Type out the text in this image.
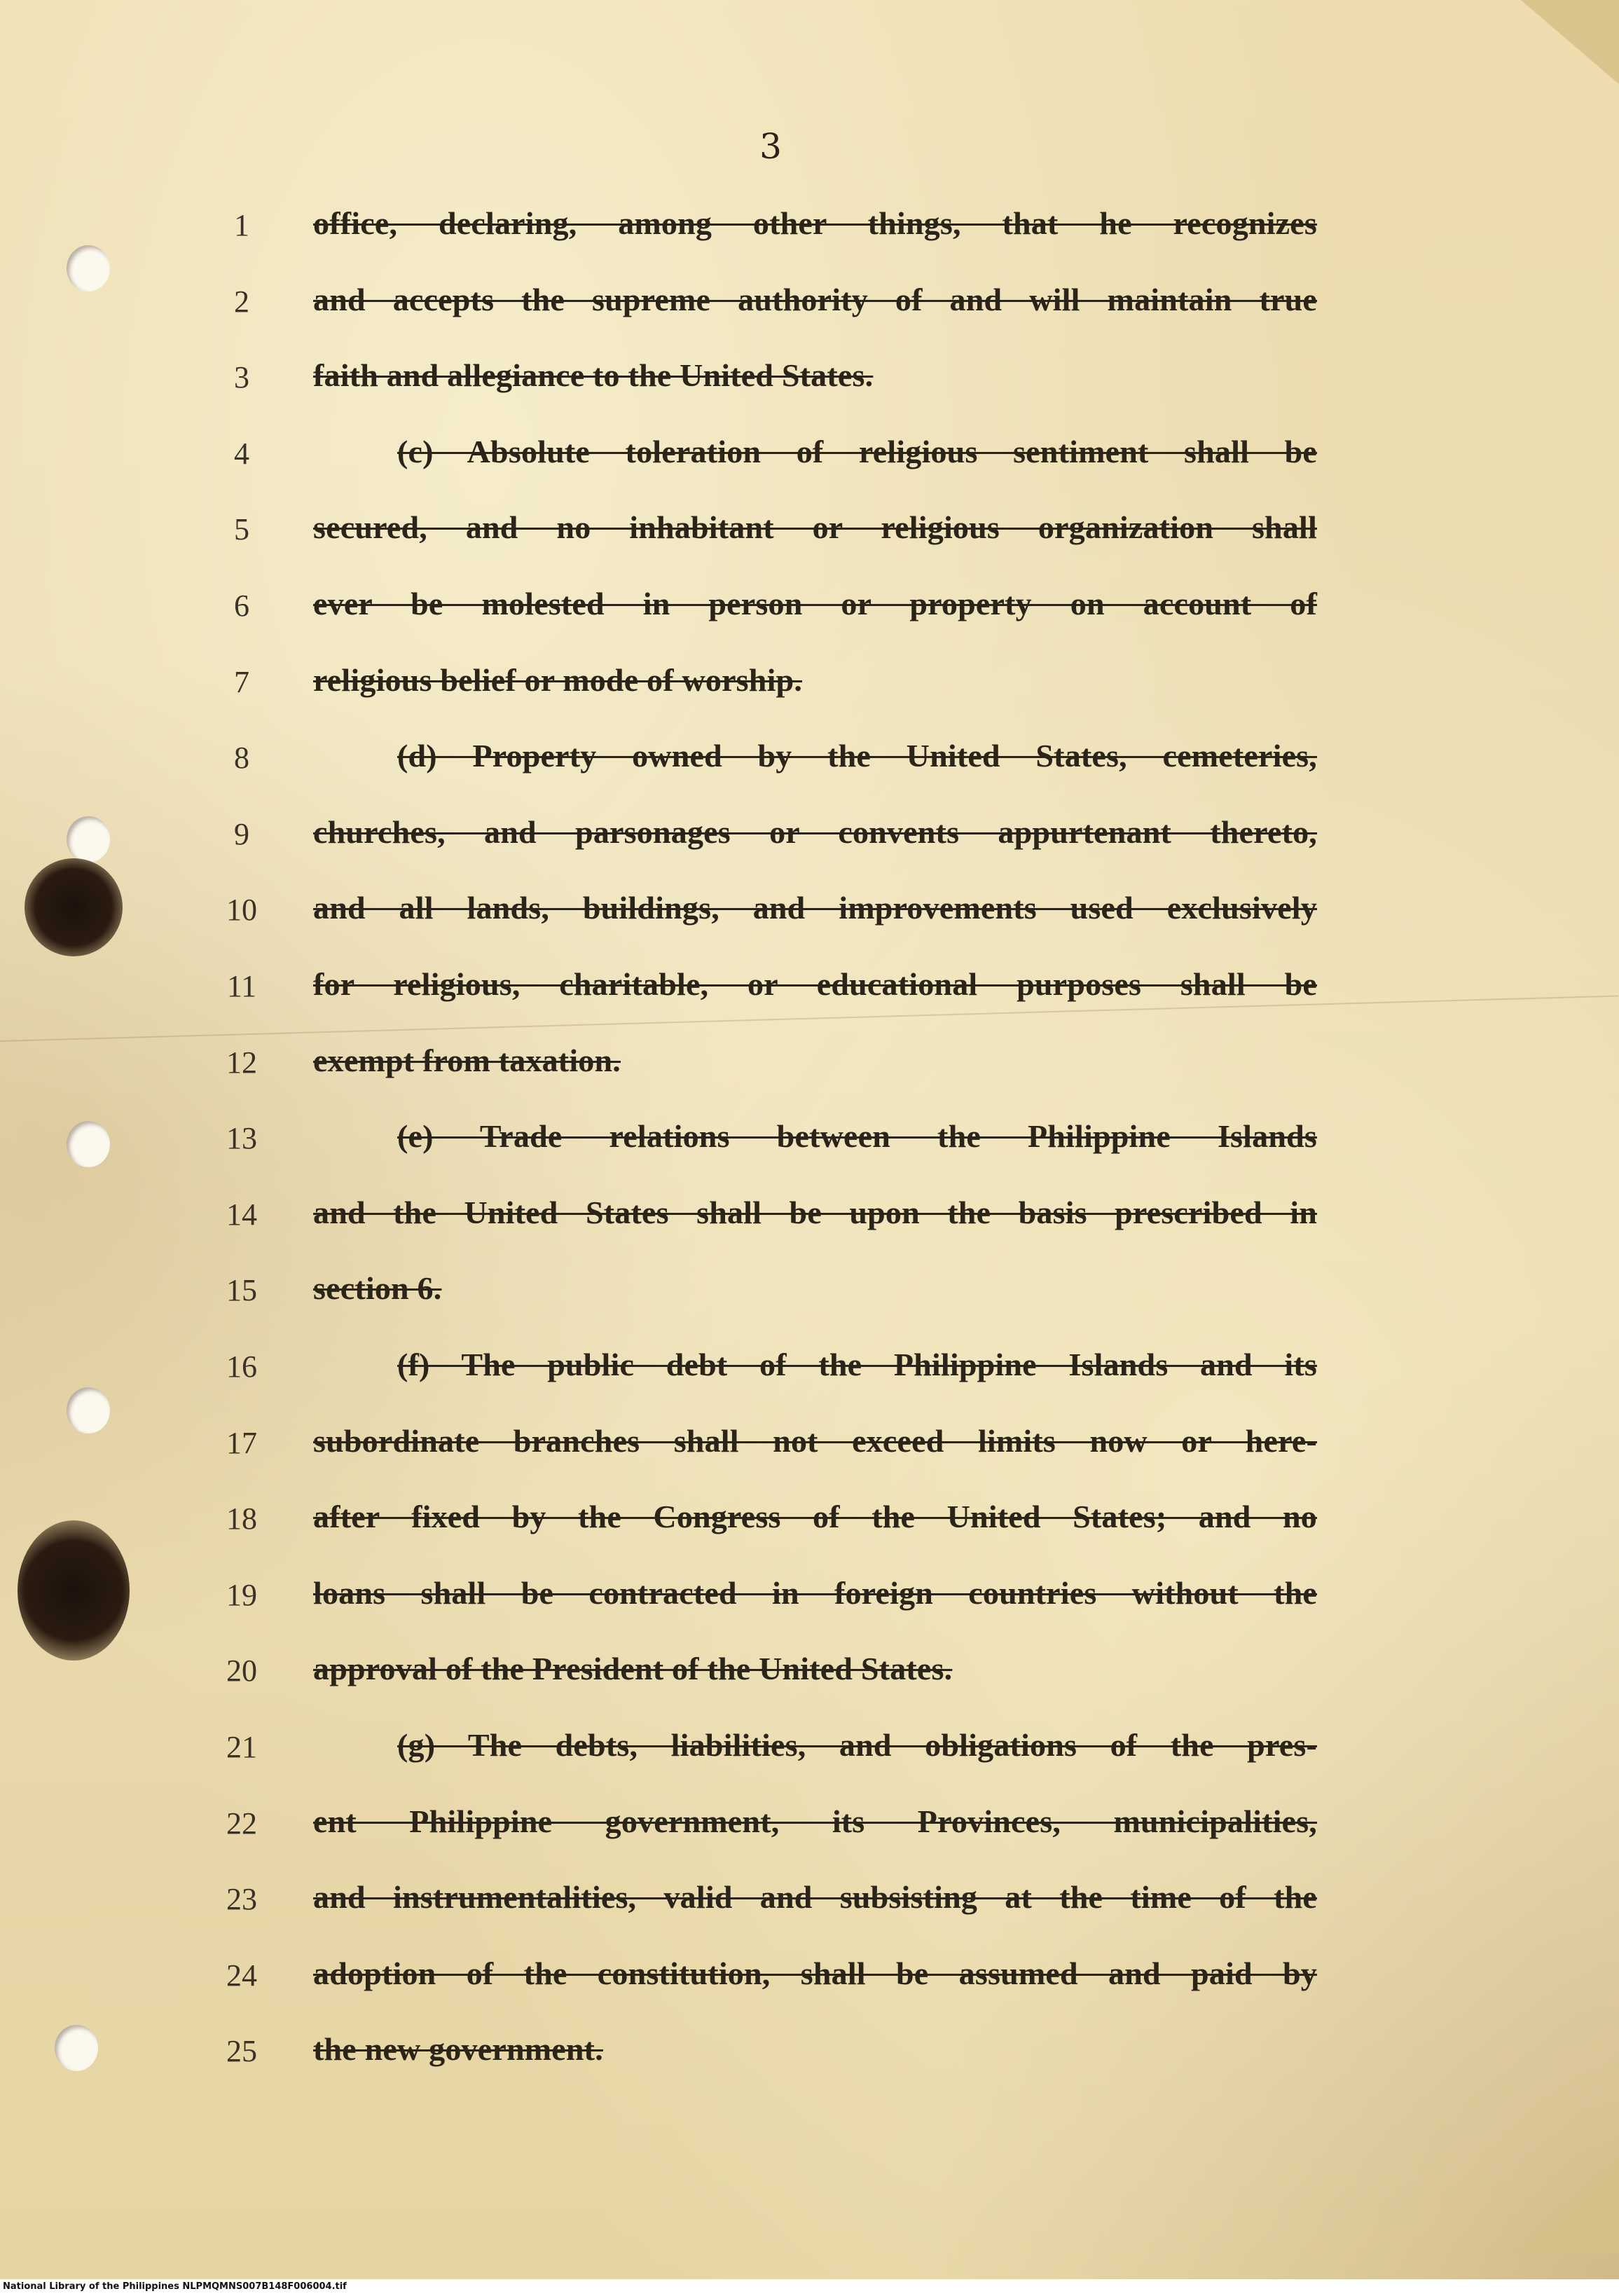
3
1	office, declaring, among other things, that he recognizes
2	and accepts the supreme authority of and will maintain true
3	faith and allegiance to the United States.
4	(c) Absolute toleration of religious sentiment shall be
5	secured, and no inhabitant or religious organization shall
6	ever be molested in person or property on account of
7	religious belief or mode of worship.
8	(d) Property owned by the United States, cemeteries,
9	churches, and parsonages or convents appurtenant thereto,
10	and all lands, buildings, and improvements used exclusively
11	for religious, charitable, or educational purposes shall be
12	exempt from taxation.
13	(e) Trade relations between the Philippine Islands
14	and the United States shall be upon the basis prescribed in
15	section 6.
16	(f) The public debt of the Philippine Islands and its
17	subordinate branches shall not exceed limits now or here-
18	after fixed by the Congress of the United States; and no
19	loans shall be contracted in foreign countries without the
20	approval of the President of the United States.
21	(g) The debts, liabilities, and obligations of the pres-
22	ent Philippine government, its Provinces, municipalities,
23	and instrumentalities, valid and subsisting at the time of the
24	adoption of the constitution, shall be assumed and paid by
25	the new government.
National Library of the Philippines NLPMQMNS007B148F006004.tif
